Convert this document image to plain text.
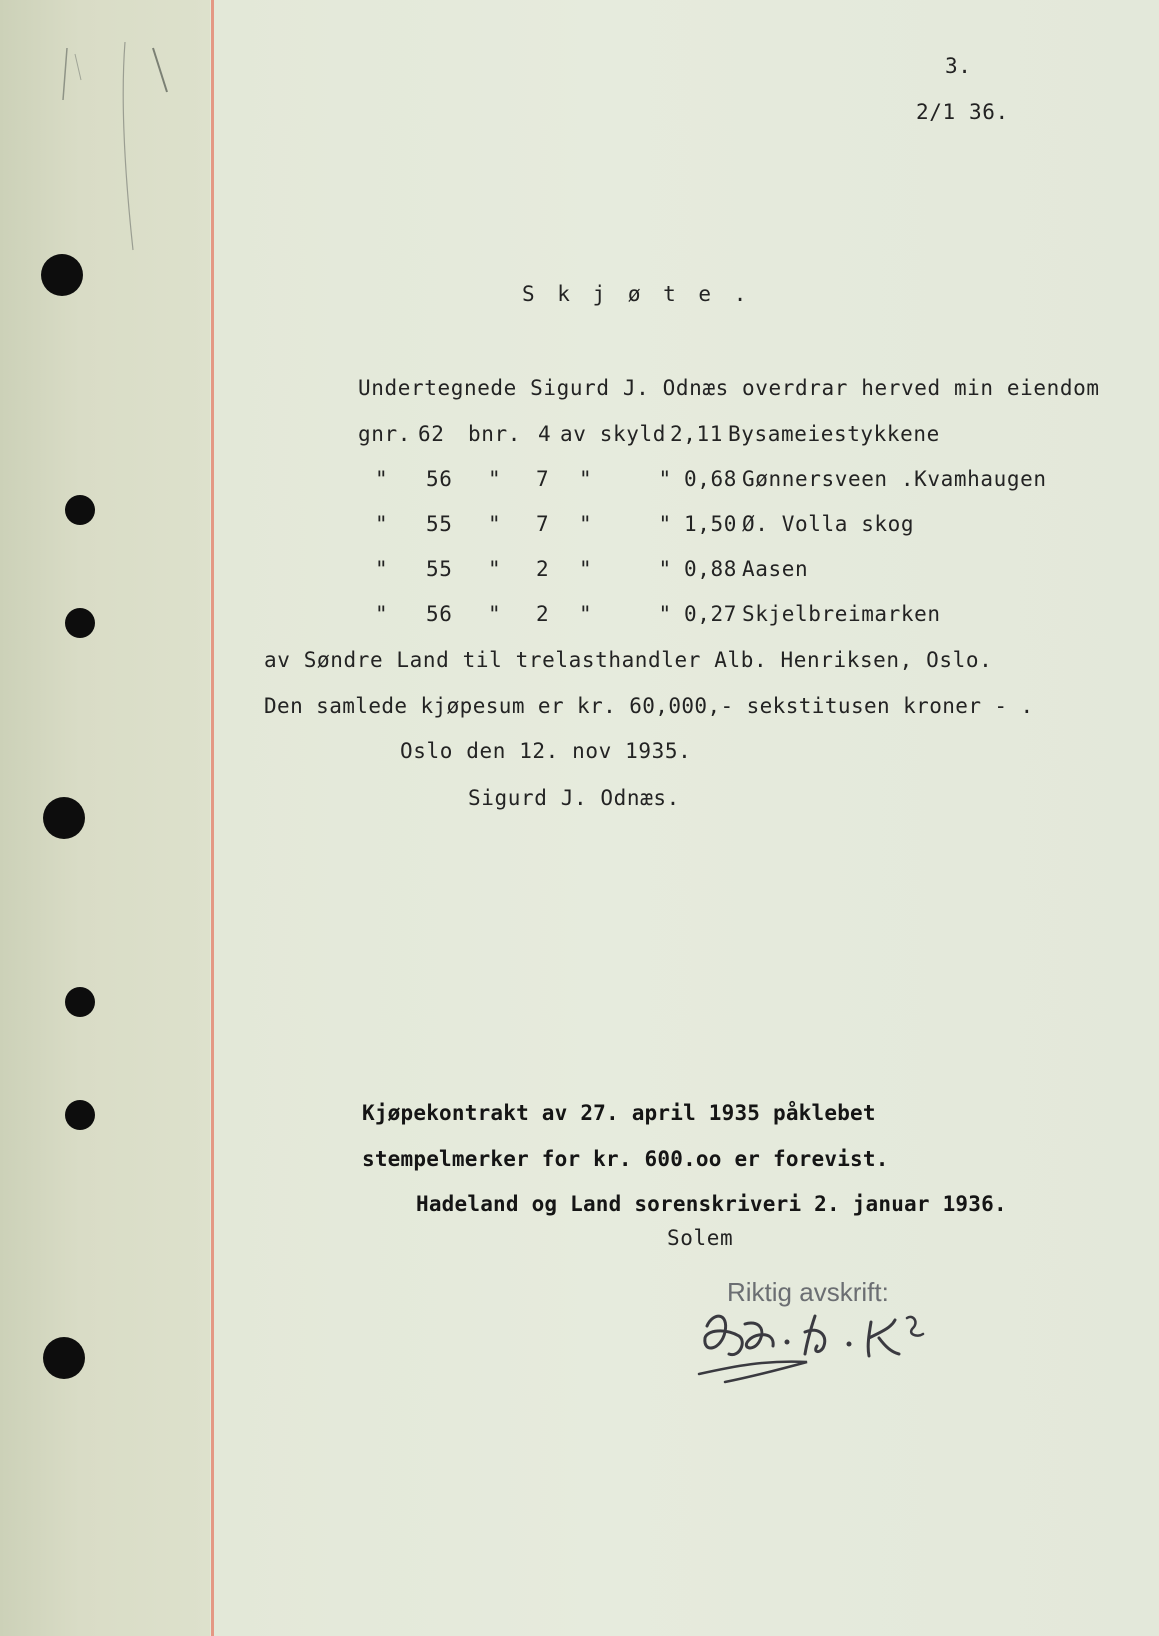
3.
2/1 36.
S k j ø t e .
Undertegnede Sigurd J. Odnæs overdrar herved min eiendom
gnr. 62 bnr. 4 av skyld 2,11 Bysameiestykkene
" 56 " 7 "     " 0,68 Gønnersveen .Kvamhaugen
" 55 " 7 "     " 1,50 Ø. Volla skog
" 55 " 2 "     " 0,88 Aasen
" 56 " 2 "     " 0,27 Skjelbreimarken
av Søndre Land til trelasthandler Alb. Henriksen, Oslo.
Den samlede kjøpesum er kr. 60,000,- sekstitusen kroner - .
Oslo den 12. nov 1935.
Sigurd J. Odnæs.
Kjøpekontrakt av 27. april 1935 påklebet
stempelmerker for kr. 600.oo er forevist.
Hadeland og Land sorenskriveri 2. januar 1936.
Solem
Riktig avskrift:
